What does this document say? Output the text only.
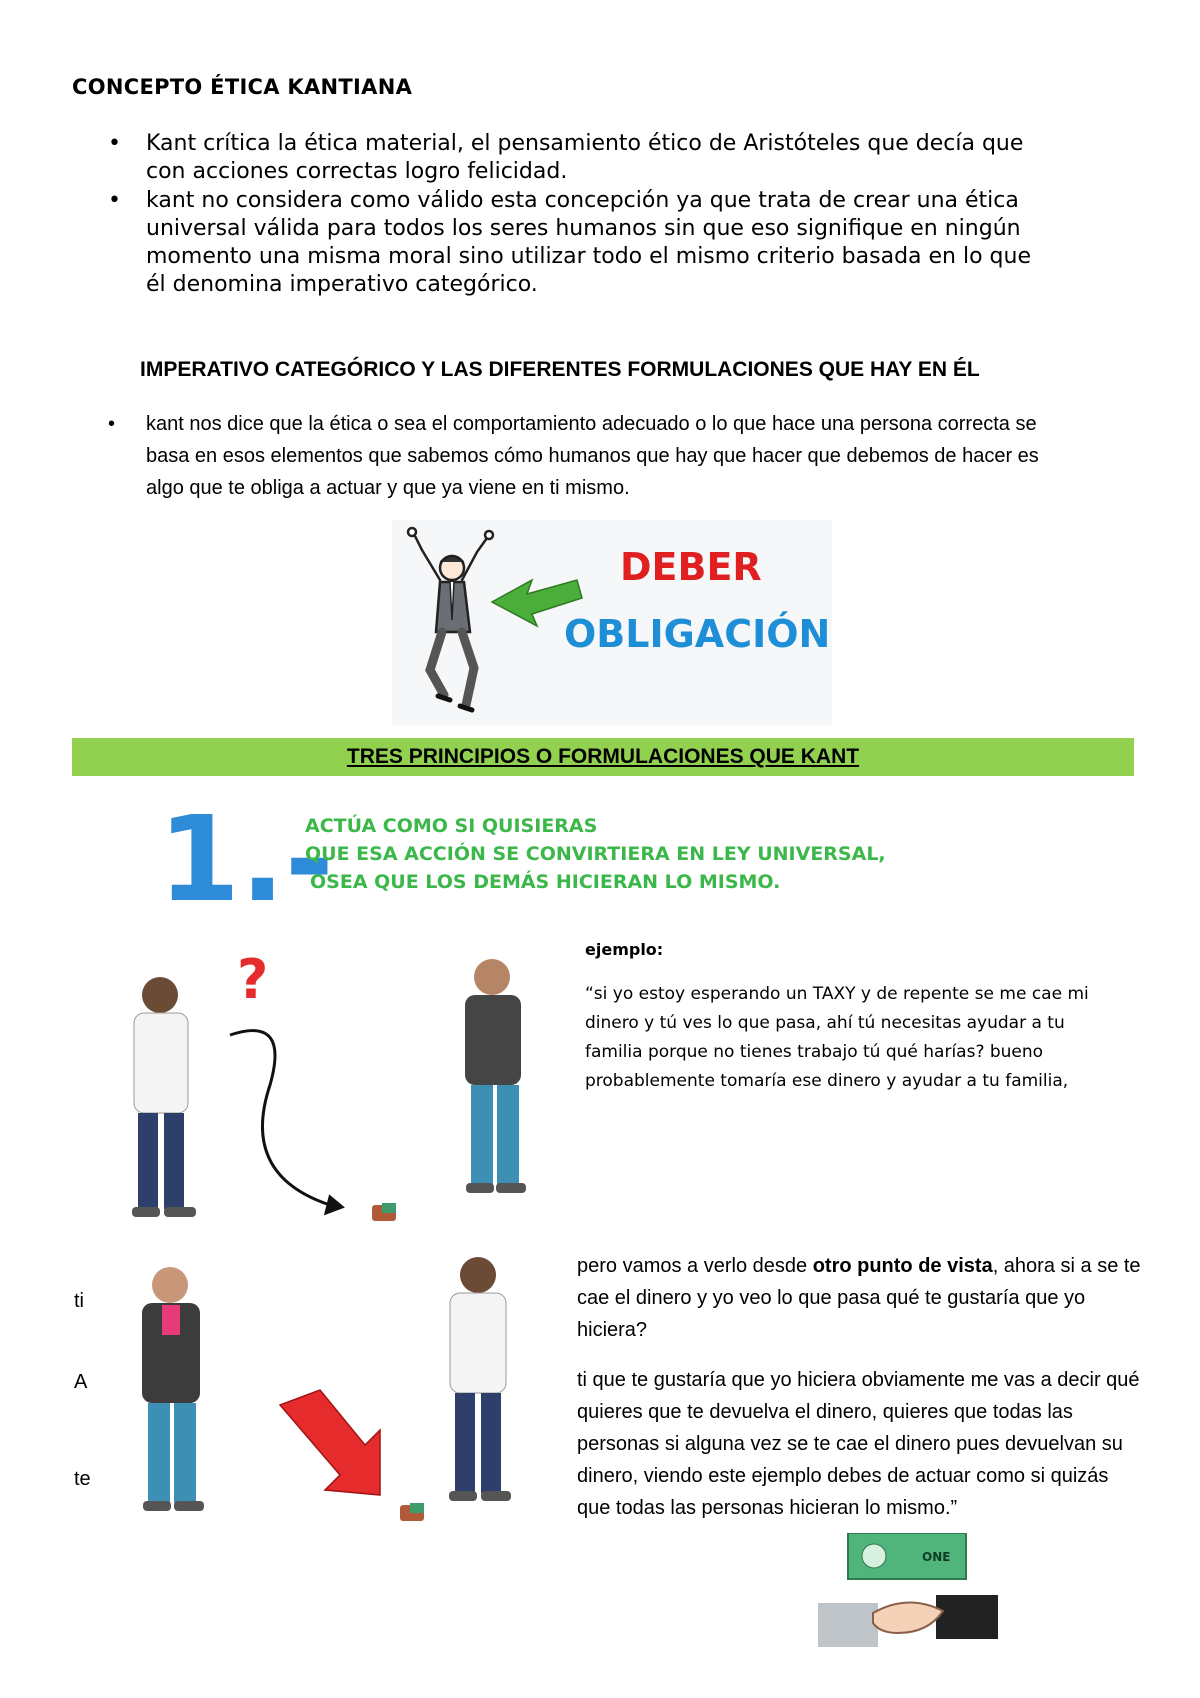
CONCEPTO ÉTICA KANTIANA
• Kant crítica la ética material, el pensamiento ético de Aristóteles que decía que
con acciones correctas logro felicidad.
• kant no considera como válido esta concepción ya que trata de crear una ética
universal válida para todos los seres humanos sin que eso signifique en ningún
momento una misma moral sino utilizar todo el mismo criterio basada en lo que
él denomina imperativo categórico.
IMPERATIVO CATEGÓRICO Y LAS DIFERENTES FORMULACIONES QUE HAY EN ÉL
• kant nos dice que la ética o sea el comportamiento adecuado o lo que hace una persona correcta se
basa en esos elementos que sabemos cómo humanos que hay que hacer que debemos de hacer es
algo que te obliga a actuar y que ya viene en ti mismo.
DEBER
OBLIGACIÓN
TRES PRINCIPIOS O FORMULACIONES QUE KANT
1.-
ACTÚA COMO SI QUISIERAS
QUE ESA ACCIÓN SE CONVIRTIERA EN LEY UNIVERSAL,
OSEA QUE LOS DEMÁS HICIERAN LO MISMO.
?	ejemplo:
“si yo estoy esperando un TAXY y de repente se me cae mi
dinero y tú ves lo que pasa, ahí tú necesitas ayudar a tu
familia porque no tienes trabajo tú qué harías? bueno
probablemente tomaría ese dinero y ayudar a tu familia,
ti
A
te
pero vamos a verlo desde otro punto de vista, ahora si a se te cae el dinero y yo veo lo que pasa qué te gustaría que yo hiciera?
ti que te gustaría que yo hiciera obviamente me vas a decir qué quieres que te devuelva el dinero, quieres que todas las personas si alguna vez se te cae el dinero pues devuelvan su dinero, viendo este ejemplo debes de actuar como si quizás que todas las personas hicieran lo mismo.”
ONE
